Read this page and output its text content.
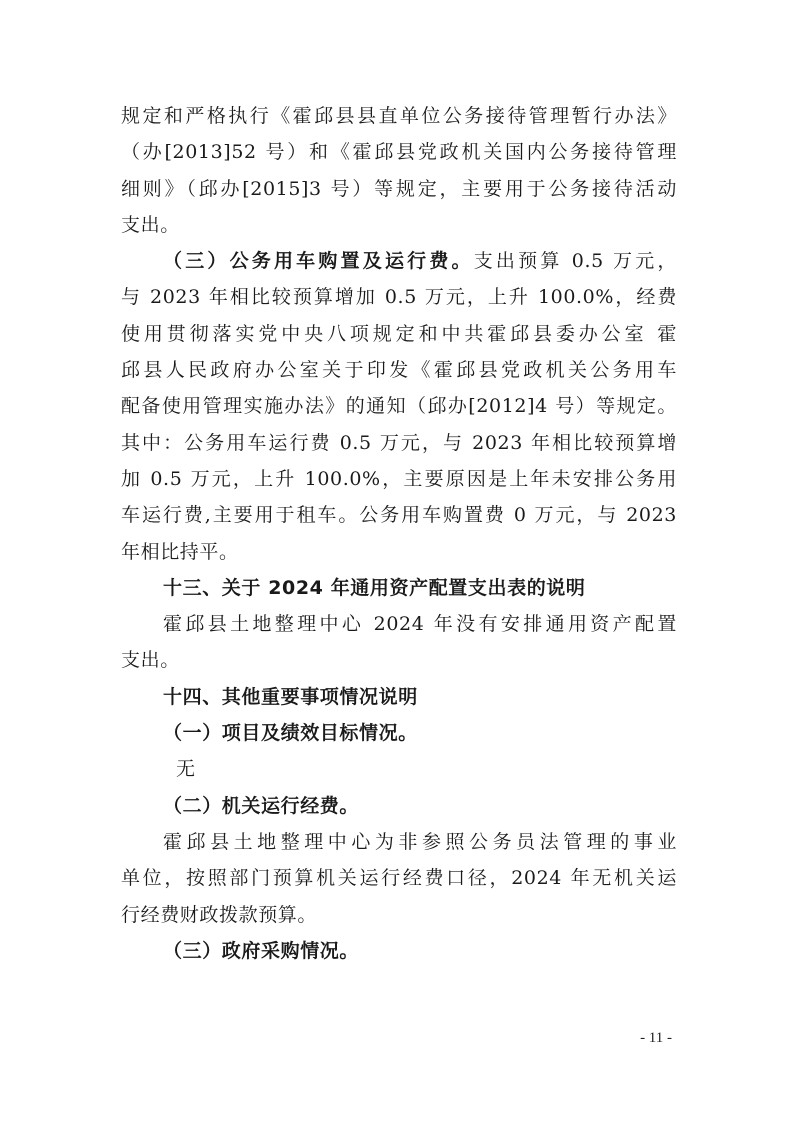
规定和严格执行《霍邱县县直单位公务接待管理暂行办法》

（办[2013]52 号）和《霍邱县党政机关国内公务接待管理

细则》（邱办[2015]3 号）等规定，主要用于公务接待活动

支出。

（三）公务用车购置及运行费。支出预算 0.5 万元，

与 2023 年相比较预算增加 0.5 万元，上升 100.0%，经费

使用贯彻落实党中央八项规定和中共霍邱县委办公室 霍

邱县人民政府办公室关于印发《霍邱县党政机关公务用车

配备使用管理实施办法》的通知（邱办[2012]4 号）等规定。

其中：公务用车运行费 0.5 万元，与 2023 年相比较预算增

加 0.5 万元，上升 100.0%，主要原因是上年未安排公务用

车运行费,主要用于租车。公务用车购置费 0 万元，与 2023

年相比持平。

十三、关于 2024 年通用资产配置支出表的说明

霍邱县土地整理中心 2024 年没有安排通用资产配置

支出。

十四、其他重要事项情况说明

（一）项目及绩效目标情况。

无

（二）机关运行经费。

霍邱县土地整理中心为非参照公务员法管理的事业

单位，按照部门预算机关运行经费口径，2024 年无机关运

行经费财政拨款预算。

（三）政府采购情况。

- 11 -
